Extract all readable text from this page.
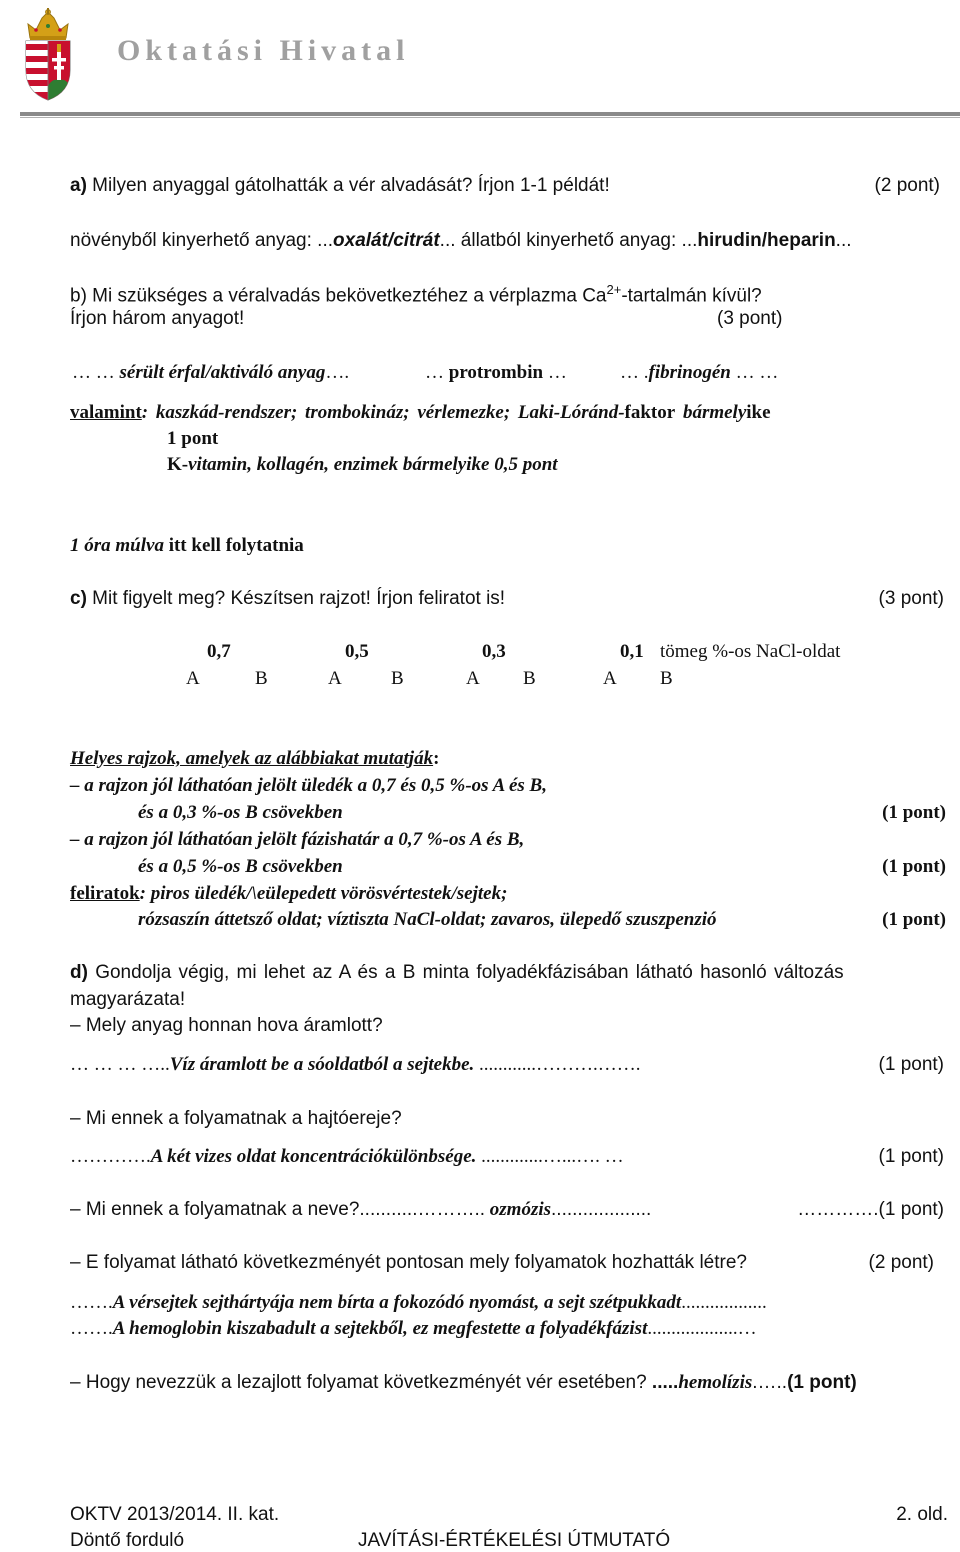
Oktatási Hivatal
a) Milyen anyaggal gátolhatták a vér alvadását? Írjon 1-1 példát!	(2 pont)
növényből kinyerhető anyag: ...oxalát/citrát... állatból kinyerhető anyag: ...hirudin/heparin...
b) Mi szükséges a véralvadás bekövetkeztéhez a vérplazma $Ca^{2+}$-tartalmán kívül?
Írjon három anyagot!	(3 pont)
… … sérült érfal/aktiváló anyag….	… protrombin …	… .fibrinogén … …
valamint: kaszkád-rendszer; trombokináz; vérlemezke; Laki-Lóránd-faktor bármelyike
1 pont
K-vitamin, kollagén, enzimek bármelyike 0,5 pont
1 óra múlva itt kell folytatnia
c) Mit figyelt meg? Készítsen rajzot! Írjon feliratot is!	(3 pont)
0,7	0,5	0,3	0,1 tömeg %-os NaCl-oldat
A	B	A	B	A B	A B
Helyes rajzok, amelyek az alábbiakat mutatják:
– a rajzon jól láthatóan jelölt üledék a 0,7 és 0,5 %-os A és B,
és a 0,3 %-os B csövekben	(1 pont)
– a rajzon jól láthatóan jelölt fázishatár a 0,7 %-os A és B,
és a 0,5 %-os B csövekben	(1 pont)
feliratok: piros üledék/\eülepedett vörösvértestek/sejtek;
rózsaszín áttetsző oldat; víztiszta NaCl-oldat; zavaros, ülepedő szuszpenzió	(1 pont)
d) Gondolja végig, mi lehet az A és a B minta folyadékfázisában látható hasonló változás
magyarázata!
– Mely anyag honnan hova áramlott?
… … … …..Víz áramlott be a sóoldatból a sejtekbe. ............……….…….	(1 pont)
– Mi ennek a folyamatnak a hajtóereje?
………….A két vizes oldat koncentrációkülönbsége. .............…...…. …	(1 pont)
– Mi ennek a folyamatnak a neve?...........……….. ozmózis...................	………….(1 pont)
– E folyamat látható következményét pontosan mely folyamatok hozhatták létre?	(2 pont)
…….A vérsejtek sejthártyája nem bírta a fokozódó nyomást, a sejt szétpukkadt..................
…….A hemoglobin kiszabadult a sejtekből, ez megfestette a folyadékfázist...................…
– Hogy nevezzük a lezajlott folyamat következményét vér esetében? .....hemolízis.…..(1 pont)
OKTV 2013/2014. II. kat.
Döntő forduló	JAVÍTÁSI-ÉRTÉKELÉSI ÚTMUTATÓ
2. old.
